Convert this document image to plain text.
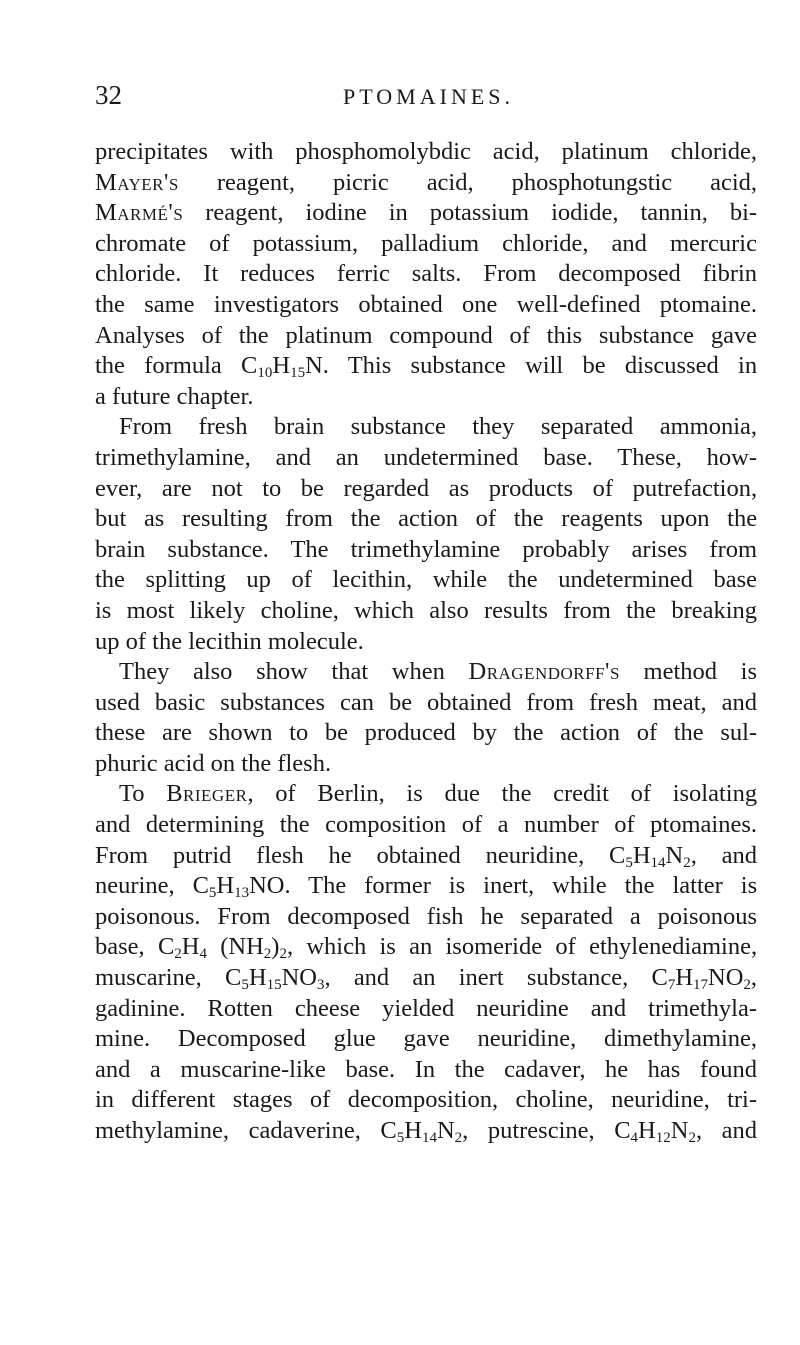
32	PTOMAINES.
precipitates with phosphomolybdic acid, platinum chloride,
Mayer's reagent, picric acid, phosphotungstic acid,
Marmé's reagent, iodine in potassium iodide, tannin, bi-
chromate of potassium, palladium chloride, and mercuric
chloride. It reduces ferric salts. From decomposed fibrin
the same investigators obtained one well-defined ptomaine.
Analyses of the platinum compound of this substance gave
the formula $C_{10}H_{15}N$. This substance will be discussed in
a future chapter.
From fresh brain substance they separated ammonia,
trimethylamine, and an undetermined base. These, how-
ever, are not to be regarded as products of putrefaction,
but as resulting from the action of the reagents upon the
brain substance. The trimethylamine probably arises from
the splitting up of lecithin, while the undetermined base
is most likely choline, which also results from the breaking
up of the lecithin molecule.
They also show that when Dragendorff's method is
used basic substances can be obtained from fresh meat, and
these are shown to be produced by the action of the sul-
phuric acid on the flesh.
To Brieger, of Berlin, is due the credit of isolating
and determining the composition of a number of ptomaines.
From putrid flesh he obtained neuridine, $C_5H_{14}N_2$, and
neurine, $C_5H_{13}NO$. The former is inert, while the latter is
poisonous. From decomposed fish he separated a poisonous
base, $C_2H_4$ $(NH_2)_2$, which is an isomeride of ethylenediamine,
muscarine, $C_5H_{15}NO_3$, and an inert substance, $C_7H_{17}NO_2$,
gadinine. Rotten cheese yielded neuridine and trimethyla-
mine. Decomposed glue gave neuridine, dimethylamine,
and a muscarine-like base. In the cadaver, he has found
in different stages of decomposition, choline, neuridine, tri-
methylamine, cadaverine, $C_5H_{14}N_2$, putrescine, $C_4H_{12}N_2$, and
